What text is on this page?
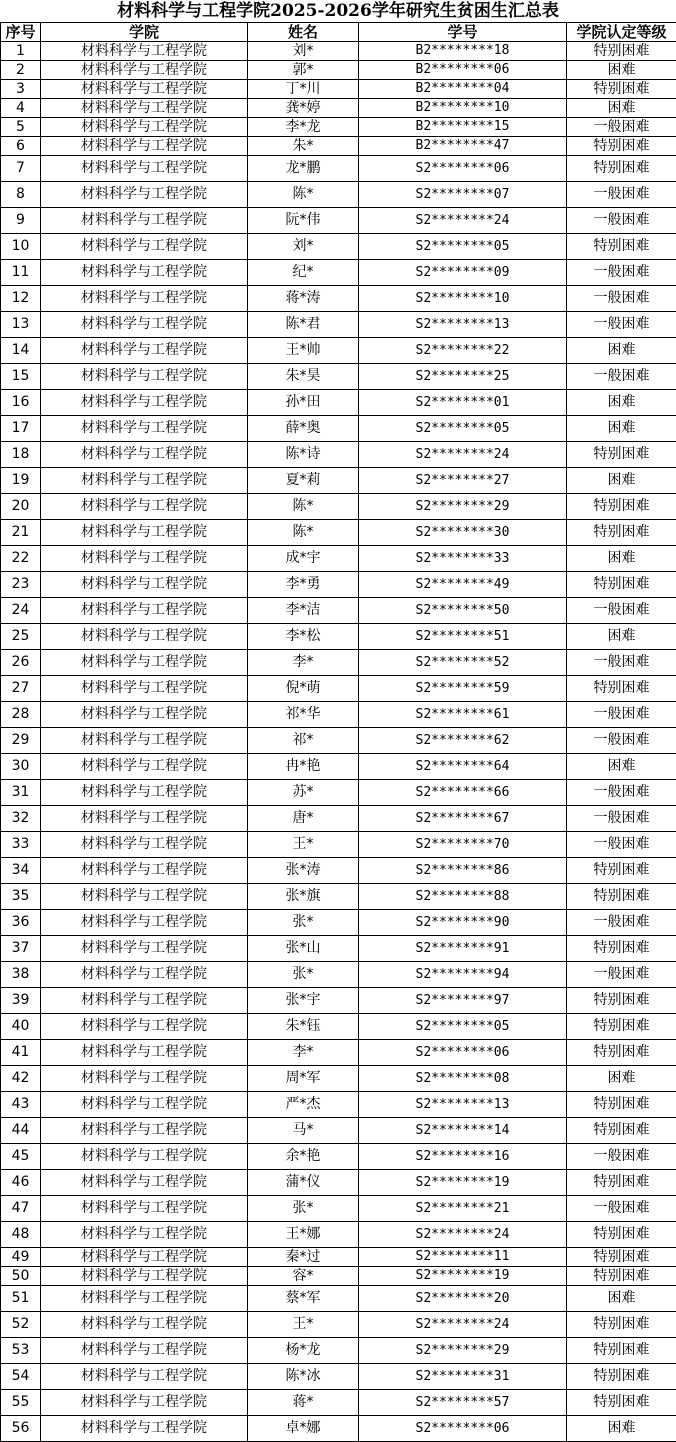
材料科学与工程学院2025-2026学年研究生贫困生汇总表
序号	学院	姓名	学号	学院认定等级
1	材料科学与工程学院	刘*	B2********18	特别困难
2	材料科学与工程学院	郭*	B2********06	困难
3	材料科学与工程学院	丁*川	B2********04	特别困难
4	材料科学与工程学院	龚*婷	B2********10	困难
5	材料科学与工程学院	李*龙	B2********15	一般困难
6	材料科学与工程学院	朱*	B2********47	特别困难
7	材料科学与工程学院	龙*鹏	S2********06	特别困难
8	材料科学与工程学院	陈*	S2********07	一般困难
9	材料科学与工程学院	阮*伟	S2********24	一般困难
10	材料科学与工程学院	刘*	S2********05	特别困难
11	材料科学与工程学院	纪*	S2********09	一般困难
12	材料科学与工程学院	蒋*涛	S2********10	一般困难
13	材料科学与工程学院	陈*君	S2********13	一般困难
14	材料科学与工程学院	王*帅	S2********22	困难
15	材料科学与工程学院	朱*昊	S2********25	一般困难
16	材料科学与工程学院	孙*田	S2********01	困难
17	材料科学与工程学院	薛*奥	S2********05	困难
18	材料科学与工程学院	陈*诗	S2********24	特别困难
19	材料科学与工程学院	夏*莉	S2********27	困难
20	材料科学与工程学院	陈*	S2********29	特别困难
21	材料科学与工程学院	陈*	S2********30	特别困难
22	材料科学与工程学院	成*宇	S2********33	困难
23	材料科学与工程学院	李*勇	S2********49	特别困难
24	材料科学与工程学院	李*洁	S2********50	一般困难
25	材料科学与工程学院	李*松	S2********51	困难
26	材料科学与工程学院	李*	S2********52	一般困难
27	材料科学与工程学院	倪*萌	S2********59	特别困难
28	材料科学与工程学院	祁*华	S2********61	一般困难
29	材料科学与工程学院	祁*	S2********62	一般困难
30	材料科学与工程学院	冉*艳	S2********64	困难
31	材料科学与工程学院	苏*	S2********66	一般困难
32	材料科学与工程学院	唐*	S2********67	一般困难
33	材料科学与工程学院	王*	S2********70	一般困难
34	材料科学与工程学院	张*涛	S2********86	特别困难
35	材料科学与工程学院	张*旗	S2********88	特别困难
36	材料科学与工程学院	张*	S2********90	一般困难
37	材料科学与工程学院	张*山	S2********91	特别困难
38	材料科学与工程学院	张*	S2********94	一般困难
39	材料科学与工程学院	张*宇	S2********97	特别困难
40	材料科学与工程学院	朱*钰	S2********05	特别困难
41	材料科学与工程学院	李*	S2********06	特别困难
42	材料科学与工程学院	周*军	S2********08	困难
43	材料科学与工程学院	严*杰	S2********13	特别困难
44	材料科学与工程学院	马*	S2********14	特别困难
45	材料科学与工程学院	余*艳	S2********16	一般困难
46	材料科学与工程学院	蒲*仪	S2********19	特别困难
47	材料科学与工程学院	张*	S2********21	一般困难
48	材料科学与工程学院	王*娜	S2********24	特别困难
49	材料科学与工程学院	秦*过	S2********11	特别困难
50	材料科学与工程学院	容*	S2********19	特别困难
51	材料科学与工程学院	蔡*军	S2********20	困难
52	材料科学与工程学院	王*	S2********24	特别困难
53	材料科学与工程学院	杨*龙	S2********29	特别困难
54	材料科学与工程学院	陈*冰	S2********31	特别困难
55	材料科学与工程学院	蒋*	S2********57	特别困难
56	材料科学与工程学院	卓*娜	S2********06	困难
